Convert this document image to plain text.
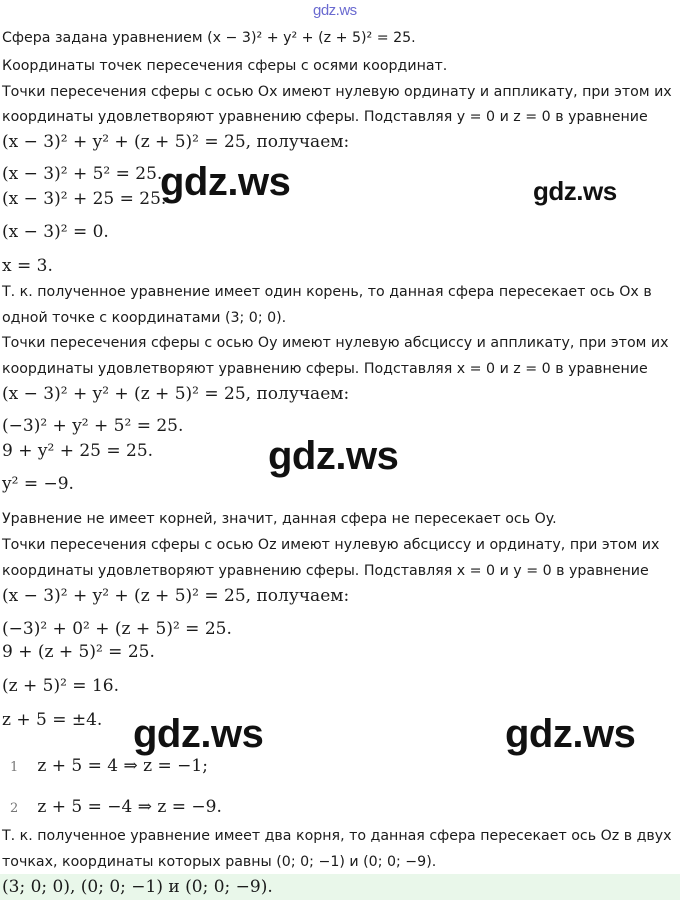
Сфера задана уравнением (x − 3)² + y² + (z + 5)² = 25.
Координаты точек пересечения сферы с осями координат.
Точки пересечения сферы с осью Ox имеют нулевую ординату и аппликату, при этом их
координаты удовлетворяют уравнению сферы. Подставляя y = 0 и z = 0 в уравнение
(x − 3)² + y² + (z + 5)² = 25, получаем:
(x − 3)² + 5² = 25.
(x − 3)² + 25 = 25.
(x − 3)² = 0.
x = 3.
Т. к. полученное уравнение имеет один корень, то данная сфера пересекает ось Ox в
одной точке с координатами (3; 0; 0).
Точки пересечения сферы с осью Oy имеют нулевую абсциссу и аппликату, при этом их
координаты удовлетворяют уравнению сферы. Подставляя x = 0 и z = 0 в уравнение
(x − 3)² + y² + (z + 5)² = 25, получаем:
(−3)² + y² + 5² = 25.
9 + y² + 25 = 25.
y² = −9.
Уравнение не имеет корней, значит, данная сфера не пересекает ось Oy.
Точки пересечения сферы с осью Oz имеют нулевую абсциссу и ординату, при этом их
координаты удовлетворяют уравнению сферы. Подставляя x = 0 и y = 0 в уравнение
(x − 3)² + y² + (z + 5)² = 25, получаем:
(−3)² + 0² + (z + 5)² = 25.
9 + (z + 5)² = 25.
(z + 5)² = 16.
z + 5 = ±4.
1 z + 5 = 4 ⇒ z = −1;
2 z + 5 = −4 ⇒ z = −9.
Т. к. полученное уравнение имеет два корня, то данная сфера пересекает ось Oz в двух
точках, координаты которых равны (0; 0; −1) и (0; 0; −9).
(3; 0; 0), (0; 0; −1) и (0; 0; −9).
gdz.ws
gdz.ws	gdz.ws
gdz.ws
gdz.ws	gdz.ws
